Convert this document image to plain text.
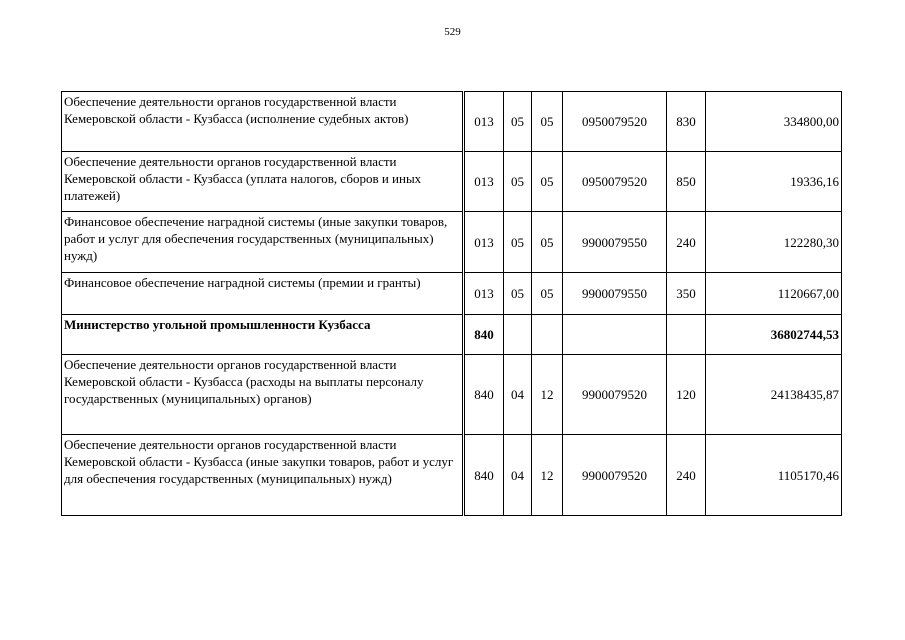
529
Обеспечение деятельности органов государственной власти Кемеровской области - Кузбасса (исполнение судебных актов)	013	05	05	0950079520	830	334800,00
Обеспечение деятельности органов государственной власти Кемеровской области - Кузбасса (уплата налогов, сборов и иных платежей)	013	05	05	0950079520	850	19336,16
Финансовое обеспечение наградной системы (иные закупки товаров, работ и услуг для обеспечения государственных (муниципальных) нужд)	013	05	05	9900079550	240	122280,30
Финансовое обеспечение наградной системы (премии и гранты)	013	05	05	9900079550	350	1120667,00
Министерство угольной промышленности Кузбасса	840					36802744,53
Обеспечение деятельности органов государственной власти Кемеровской области - Кузбасса (расходы на выплаты персоналу государственных (муниципальных) органов)	840	04	12	9900079520	120	24138435,87
Обеспечение деятельности органов государственной власти Кемеровской области - Кузбасса (иные закупки товаров, работ и услуг для обеспечения государственных (муниципальных) нужд)	840	04	12	9900079520	240	1105170,46
